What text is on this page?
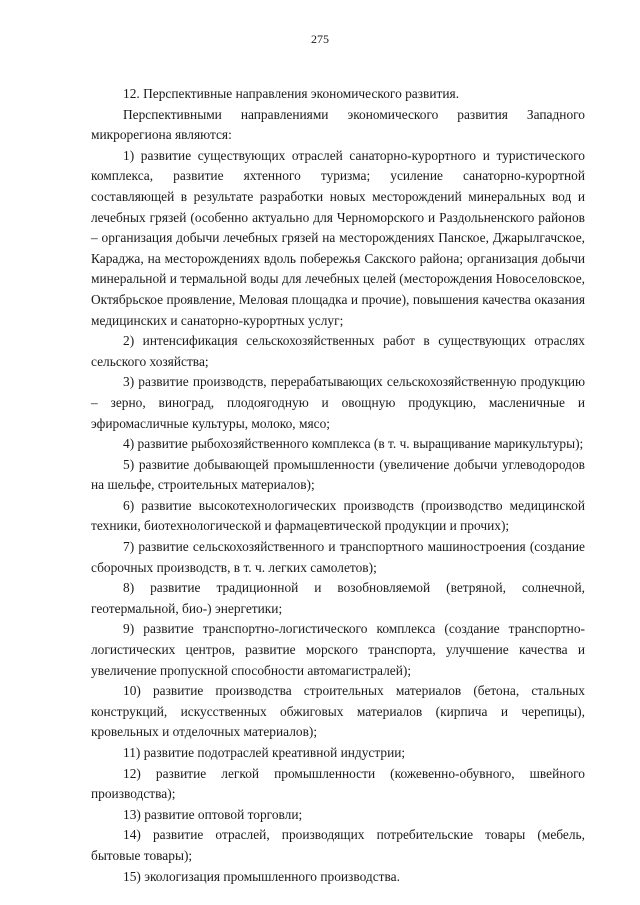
275

12. Перспективные направления экономического развития.

Перспективными направлениями экономического развития Западного микрорегиона являются:

1) развитие существующих отраслей санаторно-курортного и туристического комплекса, развитие яхтенного туризма; усиление санаторно-курортной составляющей в результате разработки новых месторождений минеральных вод и лечебных грязей (особенно актуально для Черноморского и Раздольненского районов – организация добычи лечебных грязей на месторождениях Панское, Джарылгачское, Караджа, на месторождениях вдоль побережья Сакского района; организация добычи минеральной и термальной воды для лечебных целей (месторождения Новоселовское, Октябрьское проявление, Меловая площадка и прочие), повышения качества оказания медицинских и санаторно-курортных услуг;

2) интенсификация сельскохозяйственных работ в существующих отраслях сельского хозяйства;

3) развитие производств, перерабатывающих сельскохозяйственную продукцию – зерно, виноград, плодоягодную и овощную продукцию, масленичные и эфиромасличные культуры, молоко, мясо;

4) развитие рыбохозяйственного комплекса (в т. ч. выращивание марикультуры);

5) развитие добывающей промышленности (увеличение добычи углеводородов на шельфе, строительных материалов);

6) развитие высокотехнологических производств (производство медицинской техники, биотехнологической и фармацевтической продукции и прочих);

7) развитие сельскохозяйственного и транспортного машиностроения (создание сборочных производств, в т. ч. легких самолетов);

8) развитие традиционной и возобновляемой (ветряной, солнечной, геотермальной, био-) энергетики;

9) развитие транспортно-логистического комплекса (создание транспортно-логистических центров, развитие морского транспорта, улучшение качества и увеличение пропускной способности автомагистралей);

10) развитие производства строительных материалов (бетона, стальных конструкций, искусственных обжиговых материалов (кирпича и черепицы), кровельных и отделочных материалов);

11) развитие подотраслей креативной индустрии;

12) развитие легкой промышленности (кожевенно-обувного, швейного производства);

13) развитие оптовой торговли;

14) развитие отраслей, производящих потребительские товары (мебель, бытовые товары);

15) экологизация промышленного производства.
